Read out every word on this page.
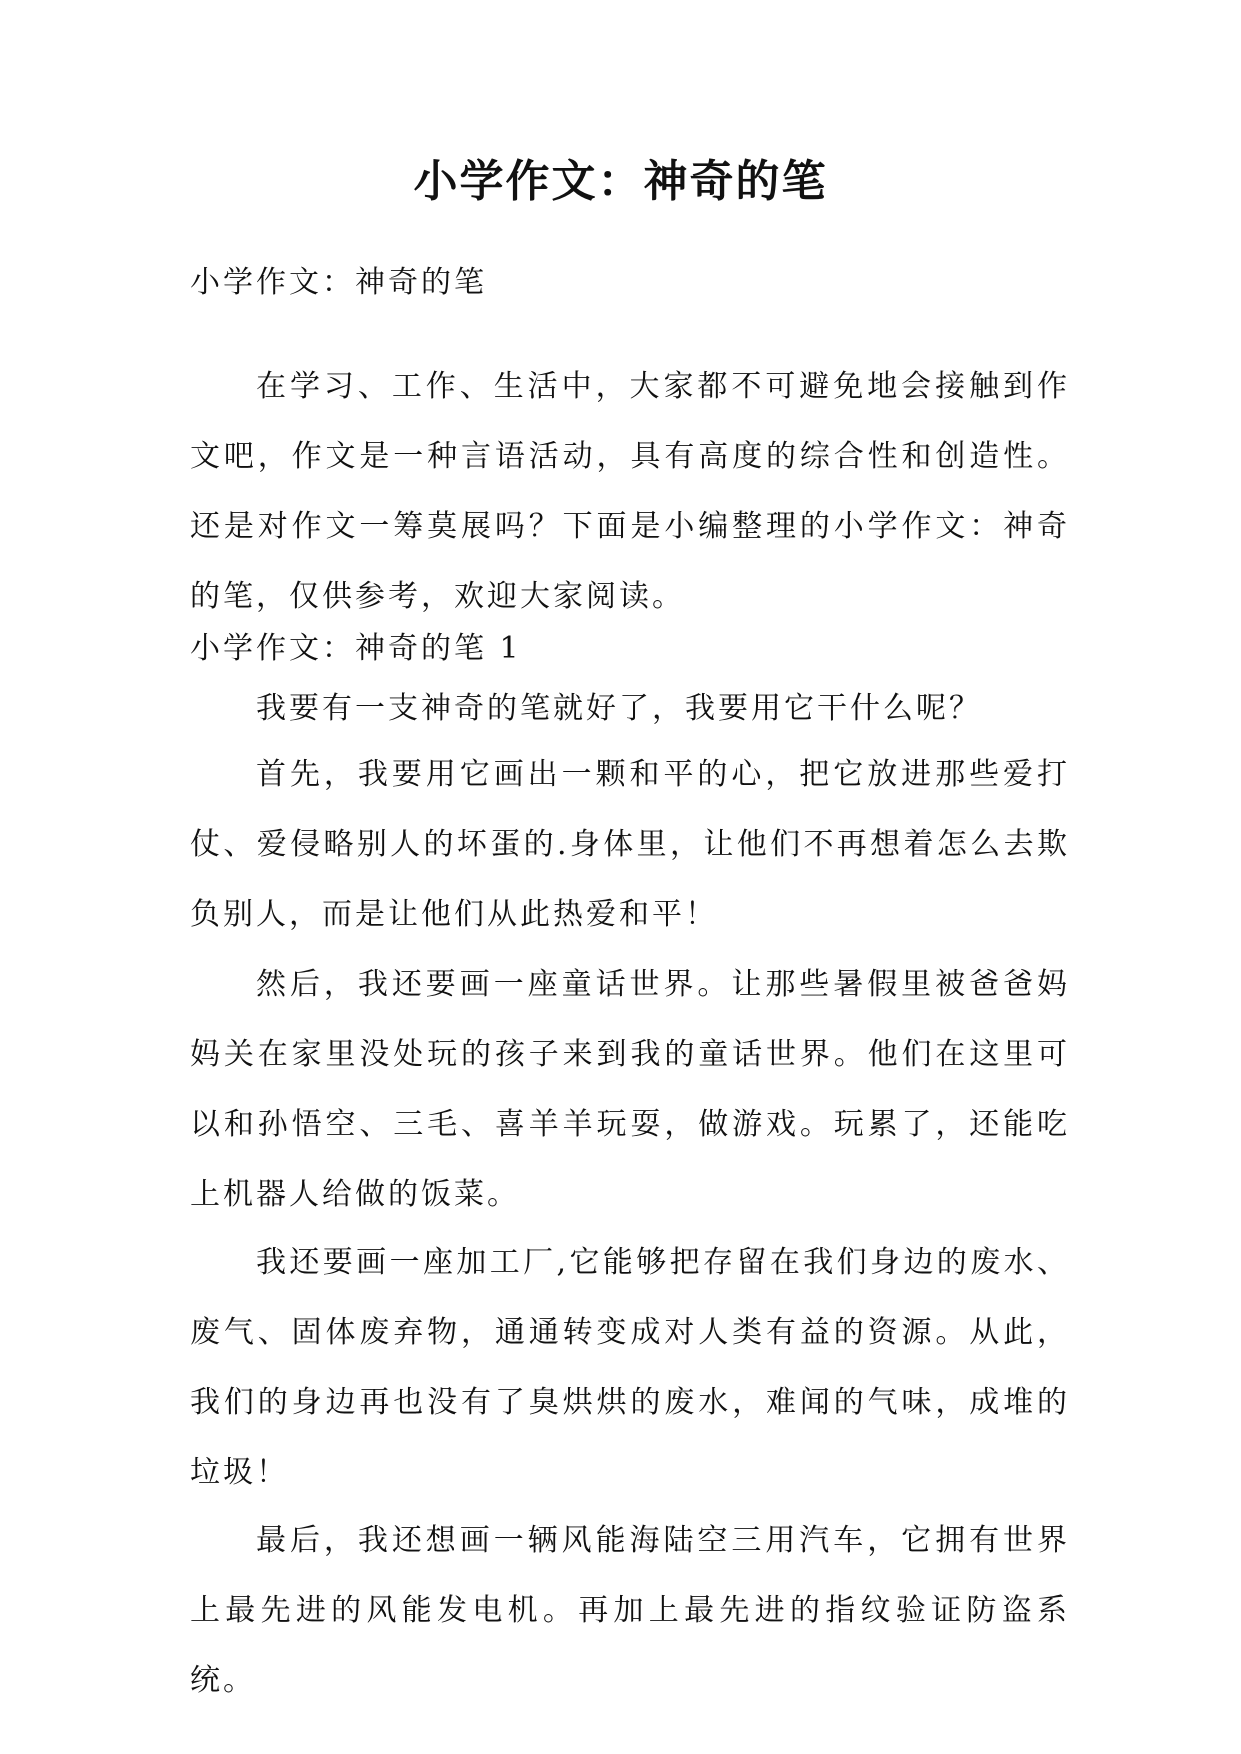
小学作文：神奇的笔

小学作文：神奇的笔

在学习、工作、生活中，大家都不可避免地会接触到作文吧，作文是一种言语活动，具有高度的综合性和创造性。还是对作文一筹莫展吗？下面是小编整理的小学作文：神奇的笔，仅供参考，欢迎大家阅读。

小学作文：神奇的笔 1

我要有一支神奇的笔就好了，我要用它干什么呢？

首先，我要用它画出一颗和平的心，把它放进那些爱打仗、爱侵略别人的坏蛋的.身体里，让他们不再想着怎么去欺负别人，而是让他们从此热爱和平！

然后，我还要画一座童话世界。让那些暑假里被爸爸妈妈关在家里没处玩的孩子来到我的童话世界。他们在这里可以和孙悟空、三毛、喜羊羊玩耍，做游戏。玩累了，还能吃上机器人给做的饭菜。

我还要画一座加工厂,它能够把存留在我们身边的废水、废气、固体废弃物，通通转变成对人类有益的资源。从此，我们的身边再也没有了臭烘烘的废水，难闻的气味，成堆的垃圾！

最后，我还想画一辆风能海陆空三用汽车，它拥有世界上最先进的风能发电机。再加上最先进的指纹验证防盗系统。
